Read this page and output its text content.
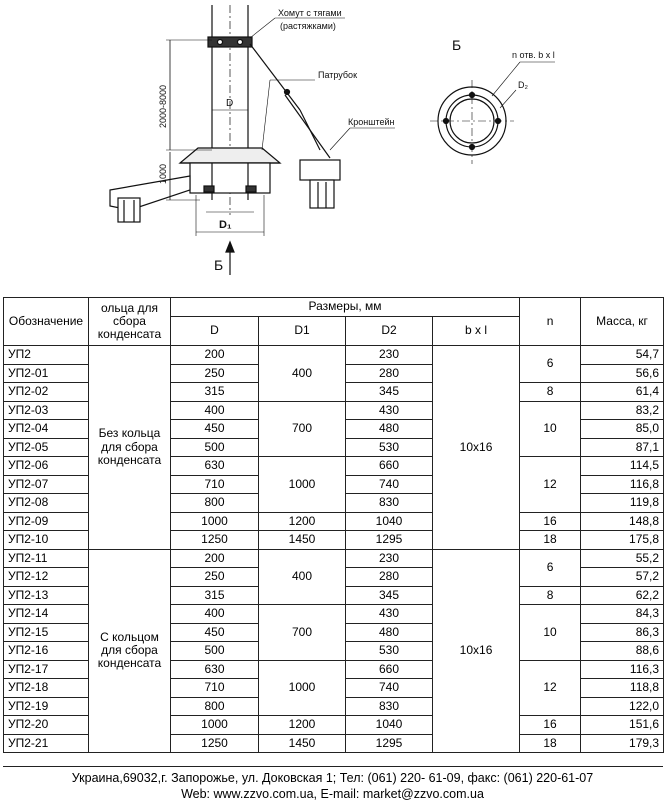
Хомут с тягами
(растяжками)
Патрубок
Кронштейн
n отв. b x l
D₂
D
D₁
2000-8000
1000
Б
Б
Обозначение	ольца для сбора конденсата	Размеры, мм				n	Масса, кг
		D	D1	D2	b x l		
УП2	Без кольца для сбора конденсата	200	400	230	10x16	6	54,7
УП2-01		250		280			56,6
УП2-02		315		345		8	61,4
УП2-03		400	700	430		10	83,2
УП2-04		450		480			85,0
УП2-05		500		530			87,1
УП2-06		630	1000	660		12	114,5
УП2-07		710		740			116,8
УП2-08		800		830			119,8
УП2-09		1000	1200	1040		16	148,8
УП2-10		1250	1450	1295		18	175,8
УП2-11	С кольцом для сбора конденсата	200	400	230	10x16	6	55,2
УП2-12		250		280			57,2
УП2-13		315		345		8	62,2
УП2-14		400	700	430		10	84,3
УП2-15		450		480			86,3
УП2-16		500		530			88,6
УП2-17		630	1000	660		12	116,3
УП2-18		710		740			118,8
УП2-19		800		830			122,0
УП2-20		1000	1200	1040		16	151,6
УП2-21		1250	1450	1295		18	179,3
Украина,69032,г. Запорожье, ул. Доковская 1; Тел: (061) 220- 61-09, факс: (061) 220-61-07
Web: www.zzvo.com.ua, E-mail: market@zzvo.com.ua
